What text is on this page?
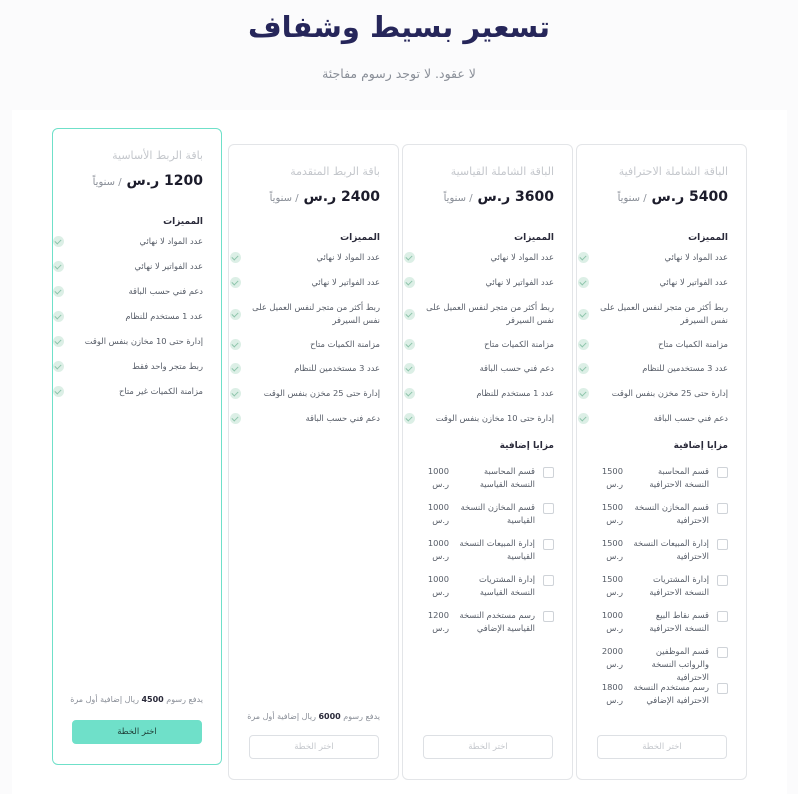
تسعير بسيط وشفاف
لا عقود. لا توجد رسوم مفاجئة
الباقة الشاملة الاحترافية
5400 ر.س / سنوياً
المميزات
عدد المواد لا نهائي
عدد الفواتير لا نهائي
ربط أكثر من متجر لنفس العميل على نفس السيرفر
مزامنة الكميات متاح
عدد 3 مستخدمين للنظام
إدارة حتى 25 مخزن بنفس الوقت
دعم فني حسب الباقة
مزايا إضافية
قسم المحاسبة النسخة الاحترافية
1500 ر.س
قسم المخازن النسخة الاحترافية
1500 ر.س
إدارة المبيعات النسخة الاحترافية
1500 ر.س
إدارة المشتريات النسخة الاحترافية
1500 ر.س
قسم نقاط البيع النسخة الاحترافية
1000 ر.س
قسم الموظفين والرواتب النسخة الاحترافية
2000 ر.س
رسم مستخدم النسخة الاحترافية الإضافي
1800 ر.س
اختر الخطة
الباقة الشاملة القياسية
3600 ر.س / سنوياً
المميزات
عدد المواد لا نهائي
عدد الفواتير لا نهائي
ربط أكثر من متجر لنفس العميل على نفس السيرفر
مزامنة الكميات متاح
دعم فني حسب الباقة
عدد 1 مستخدم للنظام
إدارة حتى 10 مخازن بنفس الوقت
مزايا إضافية
قسم المحاسبة النسخة القياسية
1000 ر.س
قسم المخازن النسخة القياسية
1000 ر.س
إدارة المبيعات النسخة القياسية
1000 ر.س
إدارة المشتريات النسخة القياسية
1000 ر.س
رسم مستخدم النسخة القياسية الإضافي
1200 ر.س
اختر الخطة
باقة الربط المتقدمة
2400 ر.س / سنوياً
المميزات
عدد المواد لا نهائي
عدد الفواتير لا نهائي
ربط أكثر من متجر لنفس العميل على نفس السيرفر
مزامنة الكميات متاح
عدد 3 مستخدمين للنظام
إدارة حتى 25 مخزن بنفس الوقت
دعم فني حسب الباقة
يدفع رسوم 6000 ريال إضافية أول مرة
اختر الخطة
باقة الربط الأساسية
1200 ر.س / سنوياً
المميزات
عدد المواد لا نهائي
عدد الفواتير لا نهائي
دعم فني حسب الباقة
عدد 1 مستخدم للنظام
إدارة حتى 10 مخازن بنفس الوقت
ربط متجر واحد فقط
مزامنة الكميات غير متاح
يدفع رسوم 4500 ريال إضافية أول مرة
اختر الخطة
